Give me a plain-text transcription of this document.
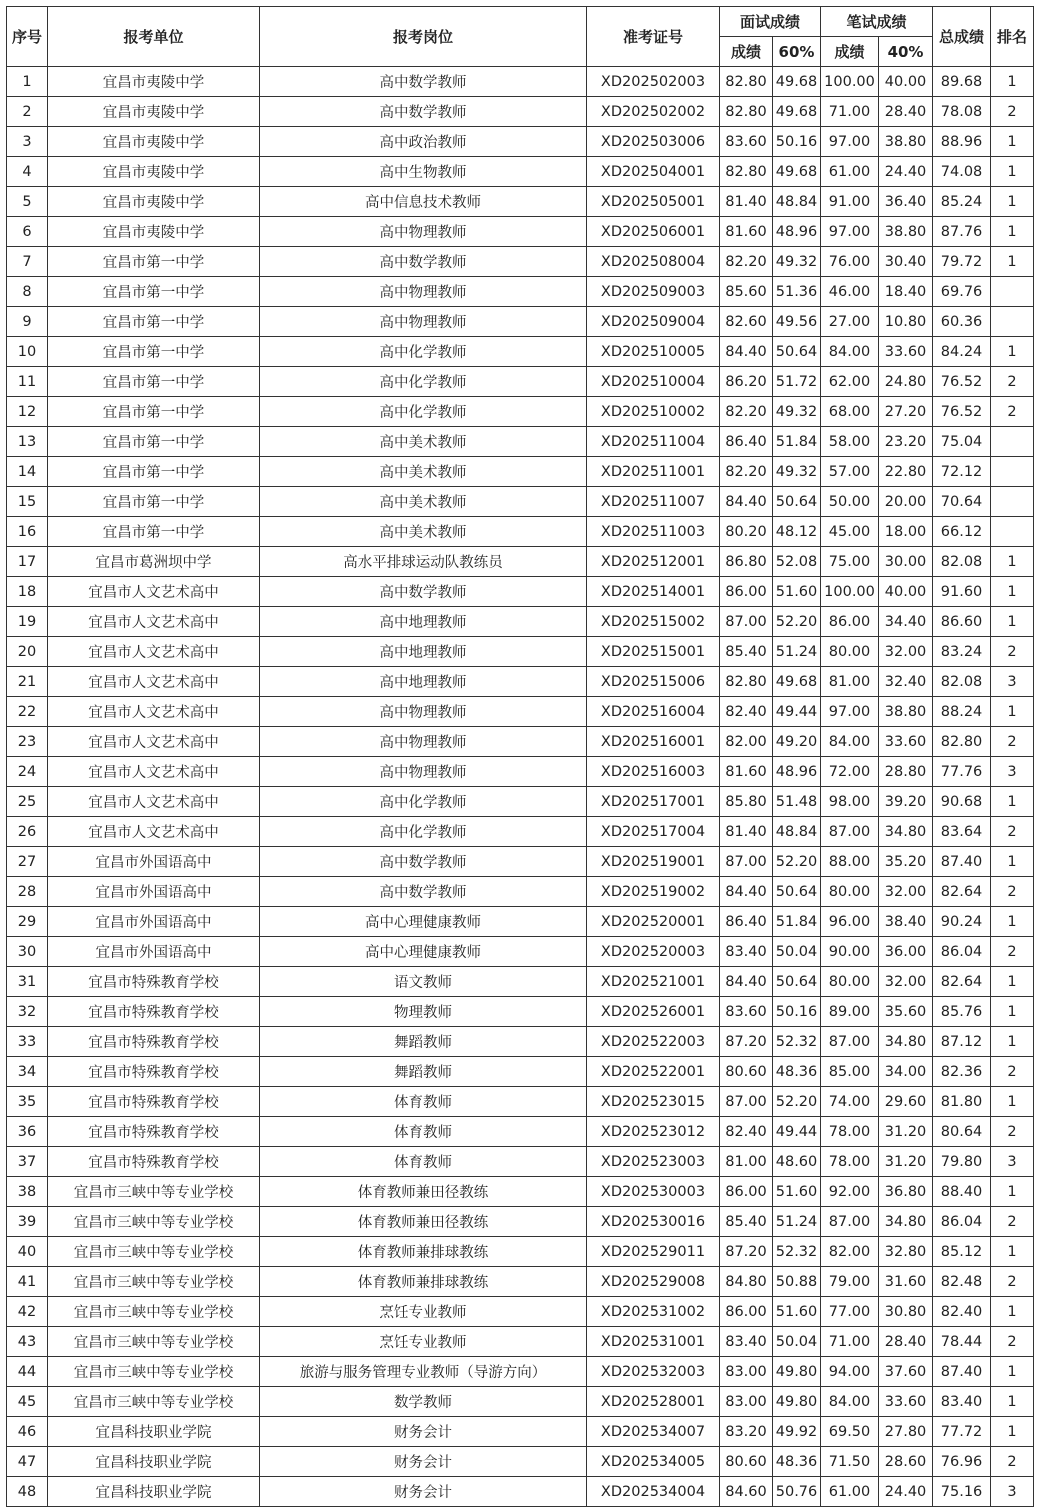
序号	报考单位	报考岗位	准考证号	面试成绩		笔试成绩		总成绩	排名
				成绩	60%	成绩	40%		
1	宜昌市夷陵中学	高中数学教师	XD202502003	82.80	49.68	100.00	40.00	89.68	1
2	宜昌市夷陵中学	高中数学教师	XD202502002	82.80	49.68	71.00	28.40	78.08	2
3	宜昌市夷陵中学	高中政治教师	XD202503006	83.60	50.16	97.00	38.80	88.96	1
4	宜昌市夷陵中学	高中生物教师	XD202504001	82.80	49.68	61.00	24.40	74.08	1
5	宜昌市夷陵中学	高中信息技术教师	XD202505001	81.40	48.84	91.00	36.40	85.24	1
6	宜昌市夷陵中学	高中物理教师	XD202506001	81.60	48.96	97.00	38.80	87.76	1
7	宜昌市第一中学	高中数学教师	XD202508004	82.20	49.32	76.00	30.40	79.72	1
8	宜昌市第一中学	高中物理教师	XD202509003	85.60	51.36	46.00	18.40	69.76	
9	宜昌市第一中学	高中物理教师	XD202509004	82.60	49.56	27.00	10.80	60.36	
10	宜昌市第一中学	高中化学教师	XD202510005	84.40	50.64	84.00	33.60	84.24	1
11	宜昌市第一中学	高中化学教师	XD202510004	86.20	51.72	62.00	24.80	76.52	2
12	宜昌市第一中学	高中化学教师	XD202510002	82.20	49.32	68.00	27.20	76.52	2
13	宜昌市第一中学	高中美术教师	XD202511004	86.40	51.84	58.00	23.20	75.04	
14	宜昌市第一中学	高中美术教师	XD202511001	82.20	49.32	57.00	22.80	72.12	
15	宜昌市第一中学	高中美术教师	XD202511007	84.40	50.64	50.00	20.00	70.64	
16	宜昌市第一中学	高中美术教师	XD202511003	80.20	48.12	45.00	18.00	66.12	
17	宜昌市葛洲坝中学	高水平排球运动队教练员	XD202512001	86.80	52.08	75.00	30.00	82.08	1
18	宜昌市人文艺术高中	高中数学教师	XD202514001	86.00	51.60	100.00	40.00	91.60	1
19	宜昌市人文艺术高中	高中地理教师	XD202515002	87.00	52.20	86.00	34.40	86.60	1
20	宜昌市人文艺术高中	高中地理教师	XD202515001	85.40	51.24	80.00	32.00	83.24	2
21	宜昌市人文艺术高中	高中地理教师	XD202515006	82.80	49.68	81.00	32.40	82.08	3
22	宜昌市人文艺术高中	高中物理教师	XD202516004	82.40	49.44	97.00	38.80	88.24	1
23	宜昌市人文艺术高中	高中物理教师	XD202516001	82.00	49.20	84.00	33.60	82.80	2
24	宜昌市人文艺术高中	高中物理教师	XD202516003	81.60	48.96	72.00	28.80	77.76	3
25	宜昌市人文艺术高中	高中化学教师	XD202517001	85.80	51.48	98.00	39.20	90.68	1
26	宜昌市人文艺术高中	高中化学教师	XD202517004	81.40	48.84	87.00	34.80	83.64	2
27	宜昌市外国语高中	高中数学教师	XD202519001	87.00	52.20	88.00	35.20	87.40	1
28	宜昌市外国语高中	高中数学教师	XD202519002	84.40	50.64	80.00	32.00	82.64	2
29	宜昌市外国语高中	高中心理健康教师	XD202520001	86.40	51.84	96.00	38.40	90.24	1
30	宜昌市外国语高中	高中心理健康教师	XD202520003	83.40	50.04	90.00	36.00	86.04	2
31	宜昌市特殊教育学校	语文教师	XD202521001	84.40	50.64	80.00	32.00	82.64	1
32	宜昌市特殊教育学校	物理教师	XD202526001	83.60	50.16	89.00	35.60	85.76	1
33	宜昌市特殊教育学校	舞蹈教师	XD202522003	87.20	52.32	87.00	34.80	87.12	1
34	宜昌市特殊教育学校	舞蹈教师	XD202522001	80.60	48.36	85.00	34.00	82.36	2
35	宜昌市特殊教育学校	体育教师	XD202523015	87.00	52.20	74.00	29.60	81.80	1
36	宜昌市特殊教育学校	体育教师	XD202523012	82.40	49.44	78.00	31.20	80.64	2
37	宜昌市特殊教育学校	体育教师	XD202523003	81.00	48.60	78.00	31.20	79.80	3
38	宜昌市三峡中等专业学校	体育教师兼田径教练	XD202530003	86.00	51.60	92.00	36.80	88.40	1
39	宜昌市三峡中等专业学校	体育教师兼田径教练	XD202530016	85.40	51.24	87.00	34.80	86.04	2
40	宜昌市三峡中等专业学校	体育教师兼排球教练	XD202529011	87.20	52.32	82.00	32.80	85.12	1
41	宜昌市三峡中等专业学校	体育教师兼排球教练	XD202529008	84.80	50.88	79.00	31.60	82.48	2
42	宜昌市三峡中等专业学校	烹饪专业教师	XD202531002	86.00	51.60	77.00	30.80	82.40	1
43	宜昌市三峡中等专业学校	烹饪专业教师	XD202531001	83.40	50.04	71.00	28.40	78.44	2
44	宜昌市三峡中等专业学校	旅游与服务管理专业教师（导游方向）	XD202532003	83.00	49.80	94.00	37.60	87.40	1
45	宜昌市三峡中等专业学校	数学教师	XD202528001	83.00	49.80	84.00	33.60	83.40	1
46	宜昌科技职业学院	财务会计	XD202534007	83.20	49.92	69.50	27.80	77.72	1
47	宜昌科技职业学院	财务会计	XD202534005	80.60	48.36	71.50	28.60	76.96	2
48	宜昌科技职业学院	财务会计	XD202534004	84.60	50.76	61.00	24.40	75.16	3
